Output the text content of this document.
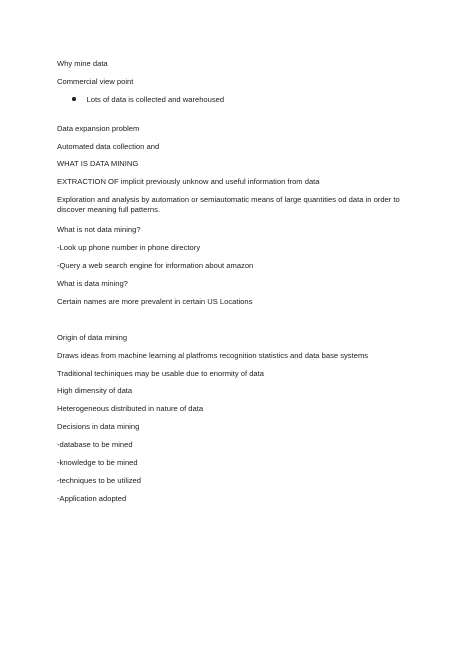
Why mine data
Commercial view point
Lots of data is collected and warehoused
Data expansion problem
Automated data collection and
WHAT IS DATA MINING
EXTRACTION OF implicit previously unknow and useful information from data
Exploration and analysis by automation or semiautomatic means of large quantities od data in order to discover meaning full patterns.
What is not data mining?
-Look up phone number in phone directory
-Query a web search engine for information about amazon
What is data mining?
Certain names are more prevalent in certain US Locations
Origin of data mining
Draws ideas from machine learning al platfroms recognition statistics and data base systems
Traditional techiniques may be usable due to enormity of data
High dimensity of data
Heterogeneous distributed in nature of data
Decisions in data mining
-database to be mined
-knowledge to be mined
-techniques to be utilized
-Application adopted
